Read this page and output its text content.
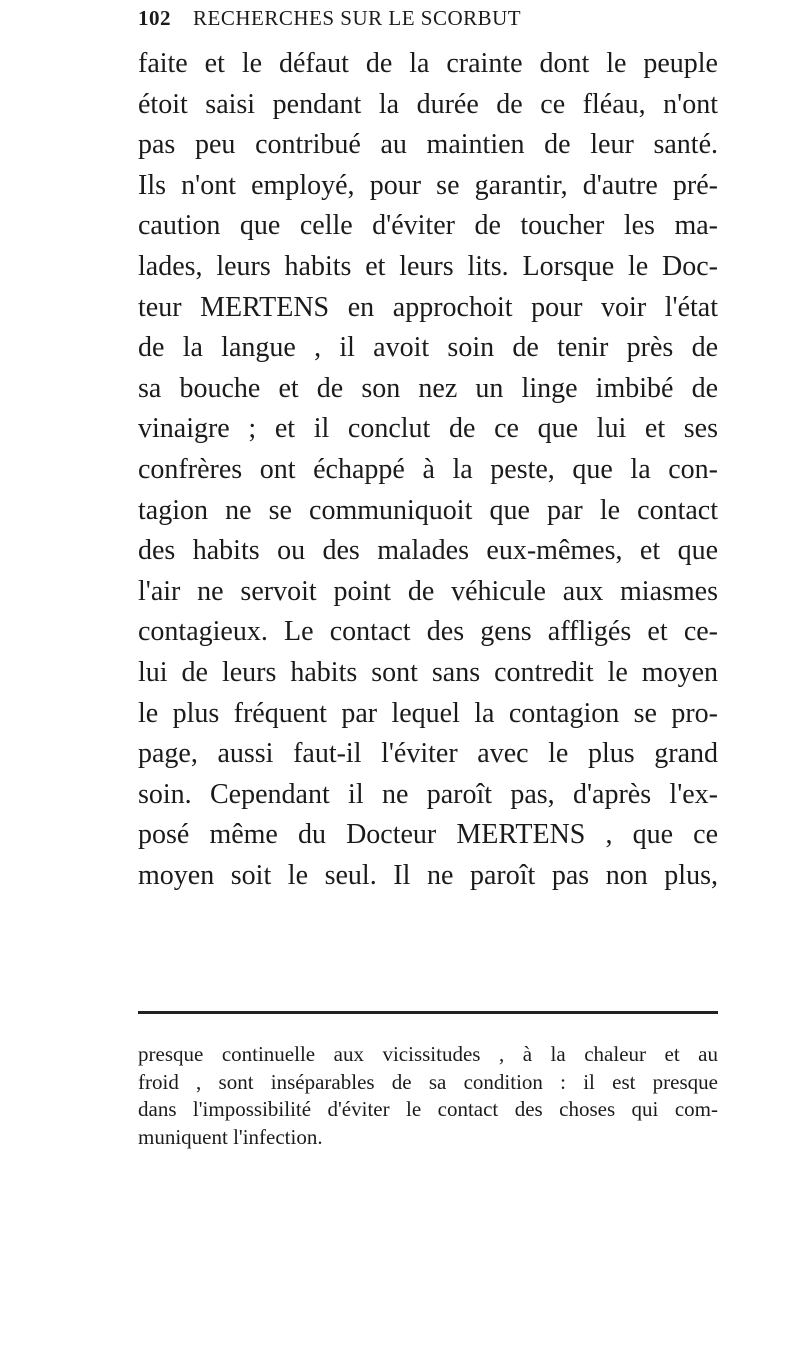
102 RECHERCHES SUR LE SCORBUT
faite et le défaut de la crainte dont le peuple
étoit saisi pendant la durée de ce fléau, n'ont
pas peu contribué au maintien de leur santé.
Ils n'ont employé, pour se garantir, d'autre pré-
caution que celle d'éviter de toucher les ma-
lades, leurs habits et leurs lits. Lorsque le Doc-
teur MERTENS en approchoit pour voir l'état
de la langue , il avoit soin de tenir près de
sa bouche et de son nez un linge imbibé de
vinaigre ; et il conclut de ce que lui et ses
confrères ont échappé à la peste, que la con-
tagion ne se communiquoit que par le contact
des habits ou des malades eux-mêmes, et que
l'air ne servoit point de véhicule aux miasmes
contagieux. Le contact des gens affligés et ce-
lui de leurs habits sont sans contredit le moyen
le plus fréquent par lequel la contagion se pro-
page, aussi faut-il l'éviter avec le plus grand
soin. Cependant il ne paroît pas, d'après l'ex-
posé même du Docteur MERTENS , que ce
moyen soit le seul. Il ne paroît pas non plus,
presque continuelle aux vicissitudes , à la chaleur et au
froid , sont inséparables de sa condition : il est presque
dans l'impossibilité d'éviter le contact des choses qui com-
muniquent l'infection.
